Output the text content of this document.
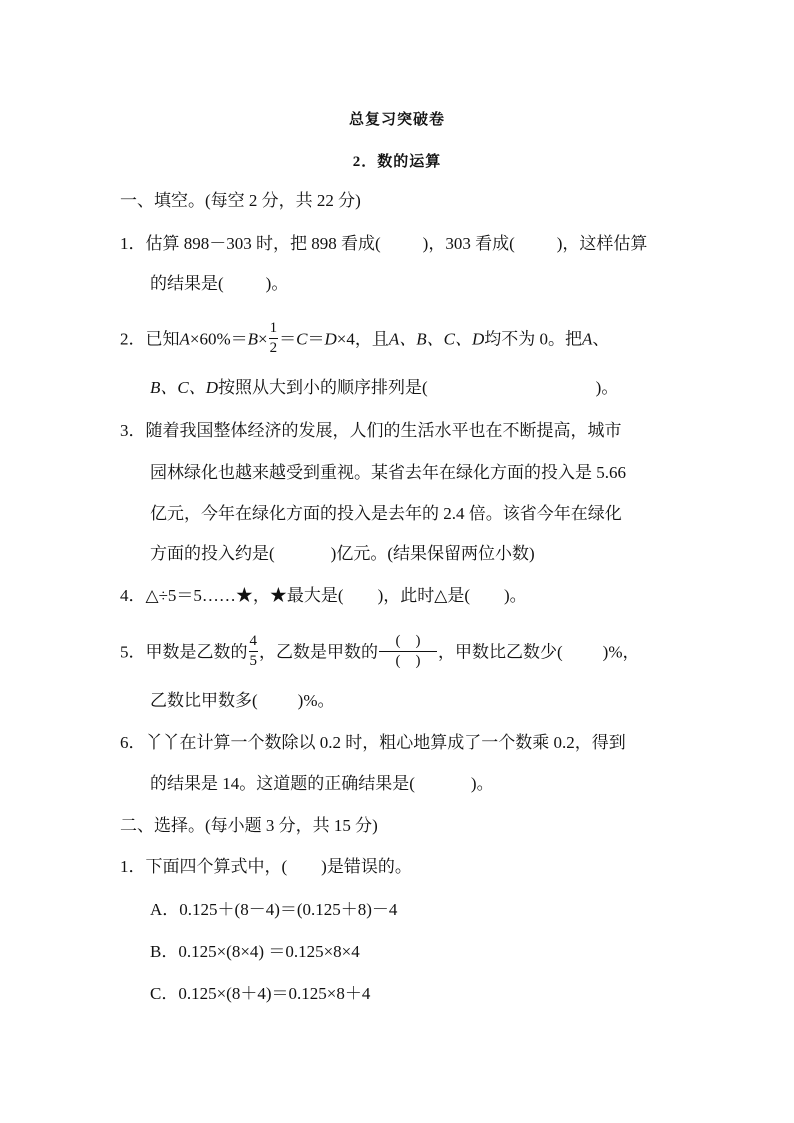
总复习突破卷
2．数的运算
一、填空。(每空 2 分，共 22 分)
1．估算 898－303 时，把 898 看成( )，303 看成( )，这样估算
的结果是( )。
2．已知$A\times 60\%=B\times \frac{1}{2} =C=D\times 4$，且A、B、C、D均不为 0。把A、
B、C、D按照从大到小的顺序排列是(	)。
3．随着我国整体经济的发展，人们的生活水平也在不断提高，城市
园林绿化也越来越受到重视。某省去年在绿化方面的投入是 5.66
亿元，今年在绿化方面的投入是去年的 2.4 倍。该省今年在绿化
方面的投入约是(	)亿元。(结果保留两位小数)
4．△÷5＝5……★，★最大是( )，此时△是( )。
5．甲数是乙数的 $\frac{4}{5}$ ，乙数是甲数的 $\frac{( )}{( )}$ ，甲数比乙数少( )%，
乙数比甲数多( )%。
6．丫丫在计算一个数除以 0.2 时，粗心地算成了一个数乘 0.2，得到
的结果是 14。这道题的正确结果是(	)。
二、选择。(每小题 3 分，共 15 分)
1．下面四个算式中，( )是错误的。
A．0.125＋(8－4)＝(0.125＋8)－4
B．0.125×(8×4) ＝0.125×8×4
C．0.125×(8＋4)＝0.125×8＋4
